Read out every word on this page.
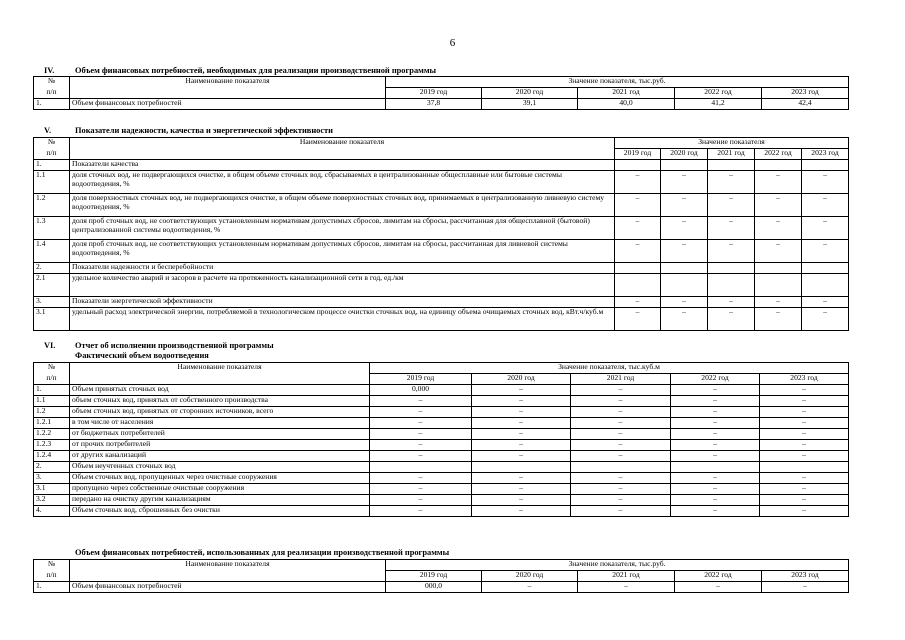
6
IV. Объем финансовых потребностей, необходимых для реализации производственной программы
№	Наименование показателя	Значение показателя, тыс.руб.				
п/п		2019 год	2020 год	2021 год	2022 год	2023 год
1.	Объем финансовых потребностей	37,8	39,1	40,0	41,2	42,4
V.	Показатели надежности, качества и энергетической эффективности
№	Наименование показателя	Значение показателя				
п/п		2019 год	2020 год	2021 год	2022 год	2023 год
1.	Показатели качества					
1.1	доля сточных вод, не подвергающихся очистке, в общем объеме сточных вод, сбрасываемых в централизованные общесплавные или бытовые системы водоотведения, %	–	–	–	–	–
1.2	доля поверхностных сточных вод, не подвергающихся очистке, в общем объеме поверхностных сточных вод, принимаемых в централизованную ливневую систему водоотведения, %	–	–	–	–	–
1.3	доля проб сточных вод, не соответствующих установленным нормативам допустимых сбросов, лимитам на сбросы, рассчитанная для общесплавной (бытовой) централизованной системы водоотведения, %	–	–	–	–	–
1.4	доля проб сточных вод, не соответствующих установленным нормативам допустимых сбросов, лимитам на сбросы, рассчитанная для ливневой системы водоотведения, %	–	–	–	–	–
2.	Показатели надежности и бесперебойности					
2.1	удельное количество аварий и засоров в расчете на протяженность канализационной сети в год, ед./км					
3.	Показатели энергетической эффективности	–	–	–	–	–
3.1	удельный расход электрической энергии, потребляемой в технологическом процессе очистки сточных вод, на единицу объема очищаемых сточных вод, кВт.ч/куб.м	–	–	–	–	–
VI. Отчет об исполнении производственной программы
Фактический объем водоотведения
№	Наименование показателя	Значение показателя, тыс.куб.м				
п/п		2019 год	2020 год	2021 год	2022 год	2023 год
1.	Объем принятых сточных вод	0,000	–	–	–	–
1.1	объем сточных вод, принятых от собственного производства	–	–	–	–	–
1.2	объем сточных вод, принятых от сторонних источников, всего	–	–	–	–	–
1.2.1	в том числе от населения	–	–	–	–	–
1.2.2	от бюджетных потребителей	–	–	–	–	–
1.2.3	от прочих потребителей	–	–	–	–	–
1.2.4	от других канализаций	–	–	–	–	–
2.	Объем неучтенных сточных вод					
3.	Объем сточных вод, пропущенных через очистные сооружения	–	–	–	–	–
3.1	пропущено через собственные очистные сооружения	–	–	–	–	–
3.2	передано на очистку другим канализациям	–	–	–	–	–
4.	Объем сточных вод, сброшенных без очистки	–	–	–	–	–
Объем финансовых потребностей, использованных для реализации производственной программы
№	Наименование показателя	Значение показателя, тыс.руб.				
п/п		2019 год	2020 год	2021 год	2022 год	2023 год
1.	Объем финансовых потребностей	000,0	–	–	–	–
